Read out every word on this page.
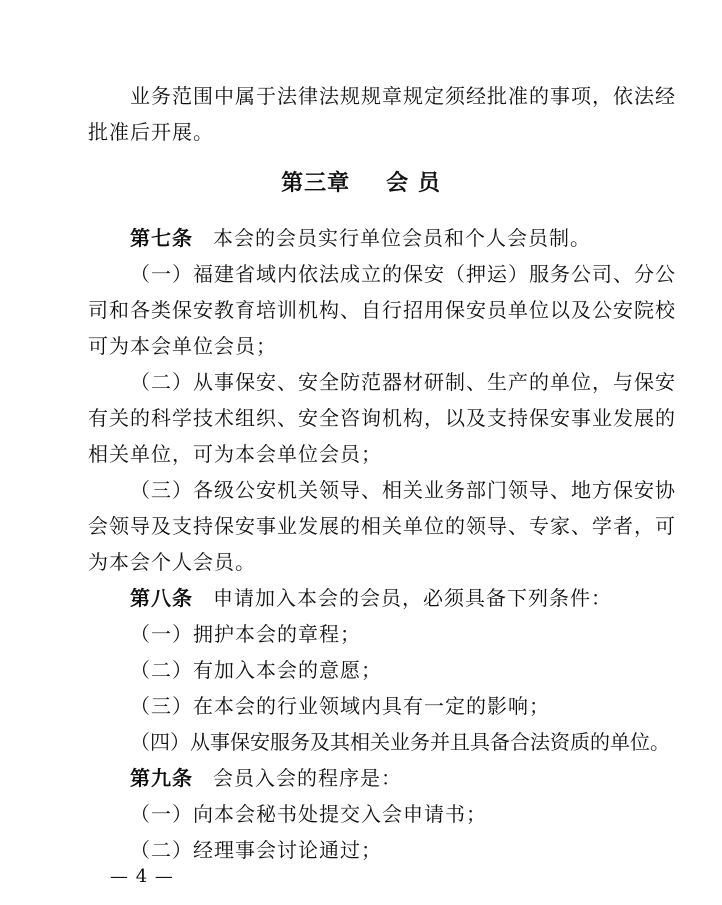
业务范围中属于法律法规规章规定须经批准的事项，依法经
批准后开展。
第三章 会 员
第七条 本会的会员实行单位会员和个人会员制。
（一）福建省域内依法成立的保安（押运）服务公司、分公
司和各类保安教育培训机构、自行招用保安员单位以及公安院校
可为本会单位会员；
（二）从事保安、安全防范器材研制、生产的单位，与保安
有关的科学技术组织、安全咨询机构，以及支持保安事业发展的
相关单位，可为本会单位会员；
（三）各级公安机关领导、相关业务部门领导、地方保安协
会领导及支持保安事业发展的相关单位的领导、专家、学者，可
为本会个人会员。
第八条 申请加入本会的会员，必须具备下列条件：
（一）拥护本会的章程；
（二）有加入本会的意愿；
（三）在本会的行业领域内具有一定的影响；
（四）从事保安服务及其相关业务并且具备合法资质的单位。
第九条 会员入会的程序是：
（一）向本会秘书处提交入会申请书；
（二）经理事会讨论通过；
— 4 —
